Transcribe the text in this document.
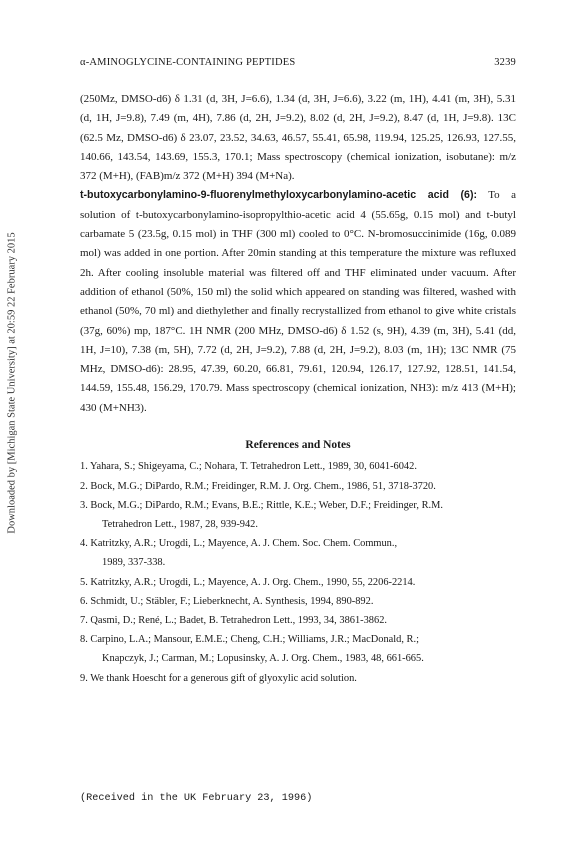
Downloaded by [Michigan State University] at 20:59 22 February 2015
α-AMINOGLYCINE-CONTAINING PEPTIDES	3239

(250Mz, DMSO-d6) δ 1.31 (d, 3H, J=6.6), 1.34 (d, 3H, J=6.6), 3.22 (m, 1H), 4.41 (m, 3H), 5.31 (d, 1H, J=9.8), 7.49 (m, 4H), 7.86 (d, 2H, J=9.2), 8.02 (d, 2H, J=9.2), 8.47 (d, 1H, J=9.8). 13C (62.5 Mz, DMSO-d6) δ 23.07, 23.52, 34.63, 46.57, 55.41, 65.98, 119.94, 125.25, 126.93, 127.55, 140.66, 143.54, 143.69, 155.3, 170.1; Mass spectroscopy (chemical ionization, isobutane): m/z 372 (M+H), (FAB)m/z 372 (M+H) 394 (M+Na).

t-butoxycarbonylamino-9-fluorenylmethyloxycarbonylamino-acetic acid (6): To a solution of t-butoxycarbonylamino-isopropylthio-acetic acid 4 (55.65g, 0.15 mol) and t-butyl carbamate 5 (23.5g, 0.15 mol) in THF (300 ml) cooled to 0°C. N-bromosuccinimide (16g, 0.089 mol) was added in one portion. After 20min standing at this temperature the mixture was refluxed 2h. After cooling insoluble material was filtered off and THF eliminated under vacuum. After addition of ethanol (50%, 150 ml) the solid which appeared on standing was filtered, washed with ethanol (50%, 70 ml) and diethylether and finally recrystallized from ethanol to give white cristals (37g, 60%) mp, 187°C. 1H NMR (200 MHz, DMSO-d6) δ 1.52 (s, 9H), 4.39 (m, 3H), 5.41 (dd, 1H, J=10), 7.38 (m, 5H), 7.72 (d, 2H, J=9.2), 7.88 (d, 2H, J=9.2), 8.03 (m, 1H); 13C NMR (75 MHz, DMSO-d6): 28.95, 47.39, 60.20, 66.81, 79.61, 120.94, 126.17, 127.92, 128.51, 141.54, 144.59, 155.48, 156.29, 170.79. Mass spectroscopy (chemical ionization, NH3): m/z 413 (M+H); 430 (M+NH3).

References and Notes
1. Yahara, S.; Shigeyama, C.; Nohara, T. Tetrahedron Lett., 1989, 30, 6041-6042.
2. Bock, M.G.; DiPardo, R.M.; Freidinger, R.M. J. Org. Chem., 1986, 51, 3718-3720.
3. Bock, M.G.; DiPardo, R.M.; Evans, B.E.; Rittle, K.E.; Weber, D.F.; Freidinger, R.M.
Tetrahedron Lett., 1987, 28, 939-942.
4. Katritzky, A.R.; Urogdi, L.; Mayence, A. J. Chem. Soc. Chem. Commun.,
1989, 337-338.
5. Katritzky, A.R.; Urogdi, L.; Mayence, A. J. Org. Chem., 1990, 55, 2206-2214.
6. Schmidt, U.; Stäbler, F.; Lieberknecht, A. Synthesis, 1994, 890-892.
7. Qasmi, D.; René, L.; Badet, B. Tetrahedron Lett., 1993, 34, 3861-3862.
8. Carpino, L.A.; Mansour, E.M.E.; Cheng, C.H.; Williams, J.R.; MacDonald, R.;
Knapczyk, J.; Carman, M.; Lopusinsky, A. J. Org. Chem., 1983, 48, 661-665.
9. We thank Hoescht for a generous gift of glyoxylic acid solution.
(Received in the UK February 23, 1996)
